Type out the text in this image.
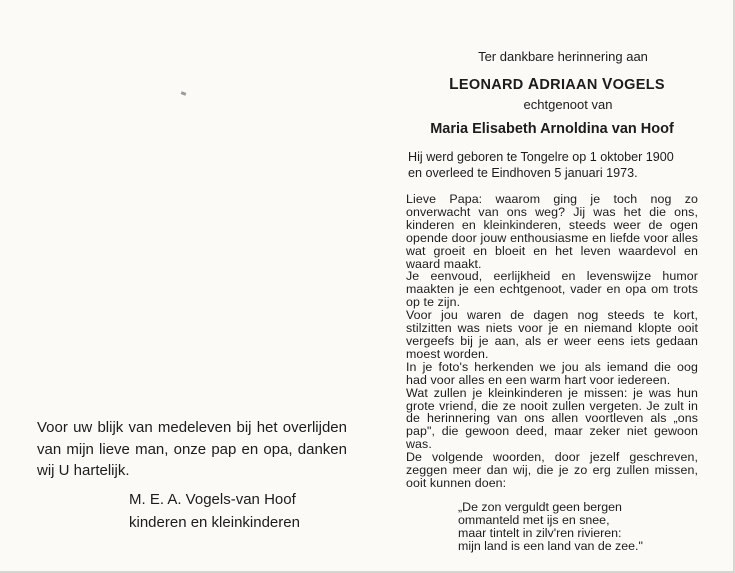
Voor uw blijk van medeleven bij het overlijden van mijn lieve man, onze pap en opa, danken wij U hartelijk.
M. E. A. Vogels-van Hoof
kinderen en kleinkinderen
Ter dankbare herinnering aan
LEONARD ADRIAAN VOGELS
echtgenoot van
Maria Elisabeth Arnoldina van Hoof
Hij werd geboren te Tongelre op 1 oktober 1900
en overleed te Eindhoven 5 januari 1973.

Lieve Papa: waarom ging je toch nog zo onverwacht van ons weg? Jij was het die ons, kinderen en kleinkinderen, steeds weer de ogen opende door jouw enthousiasme en liefde voor alles wat groeit en bloeit en het leven waardevol en waard maakt.

Je eenvoud, eerlijkheid en levenswijze humor maakten je een echtgenoot, vader en opa om trots op te zijn.

Voor jou waren de dagen nog steeds te kort, stilzitten was niets voor je en niemand klopte ooit vergeefs bij je aan, als er weer eens iets gedaan moest worden.

In je foto's herkenden we jou als iemand die oog had voor alles en een warm hart voor iedereen.

Wat zullen je kleinkinderen je missen: je was hun grote vriend, die ze nooit zullen vergeten. Je zult in de herinnering van ons allen voortleven als „ons pap", die gewoon deed, maar zeker niet gewoon was.

De volgende woorden, door jezelf geschreven, zeggen meer dan wij, die je zo erg zullen missen, ooit kunnen doen:

„De zon verguldt geen bergen
ommanteld met ijs en snee,
maar tintelt in zilv'ren rivieren:
mijn land is een land van de zee."
